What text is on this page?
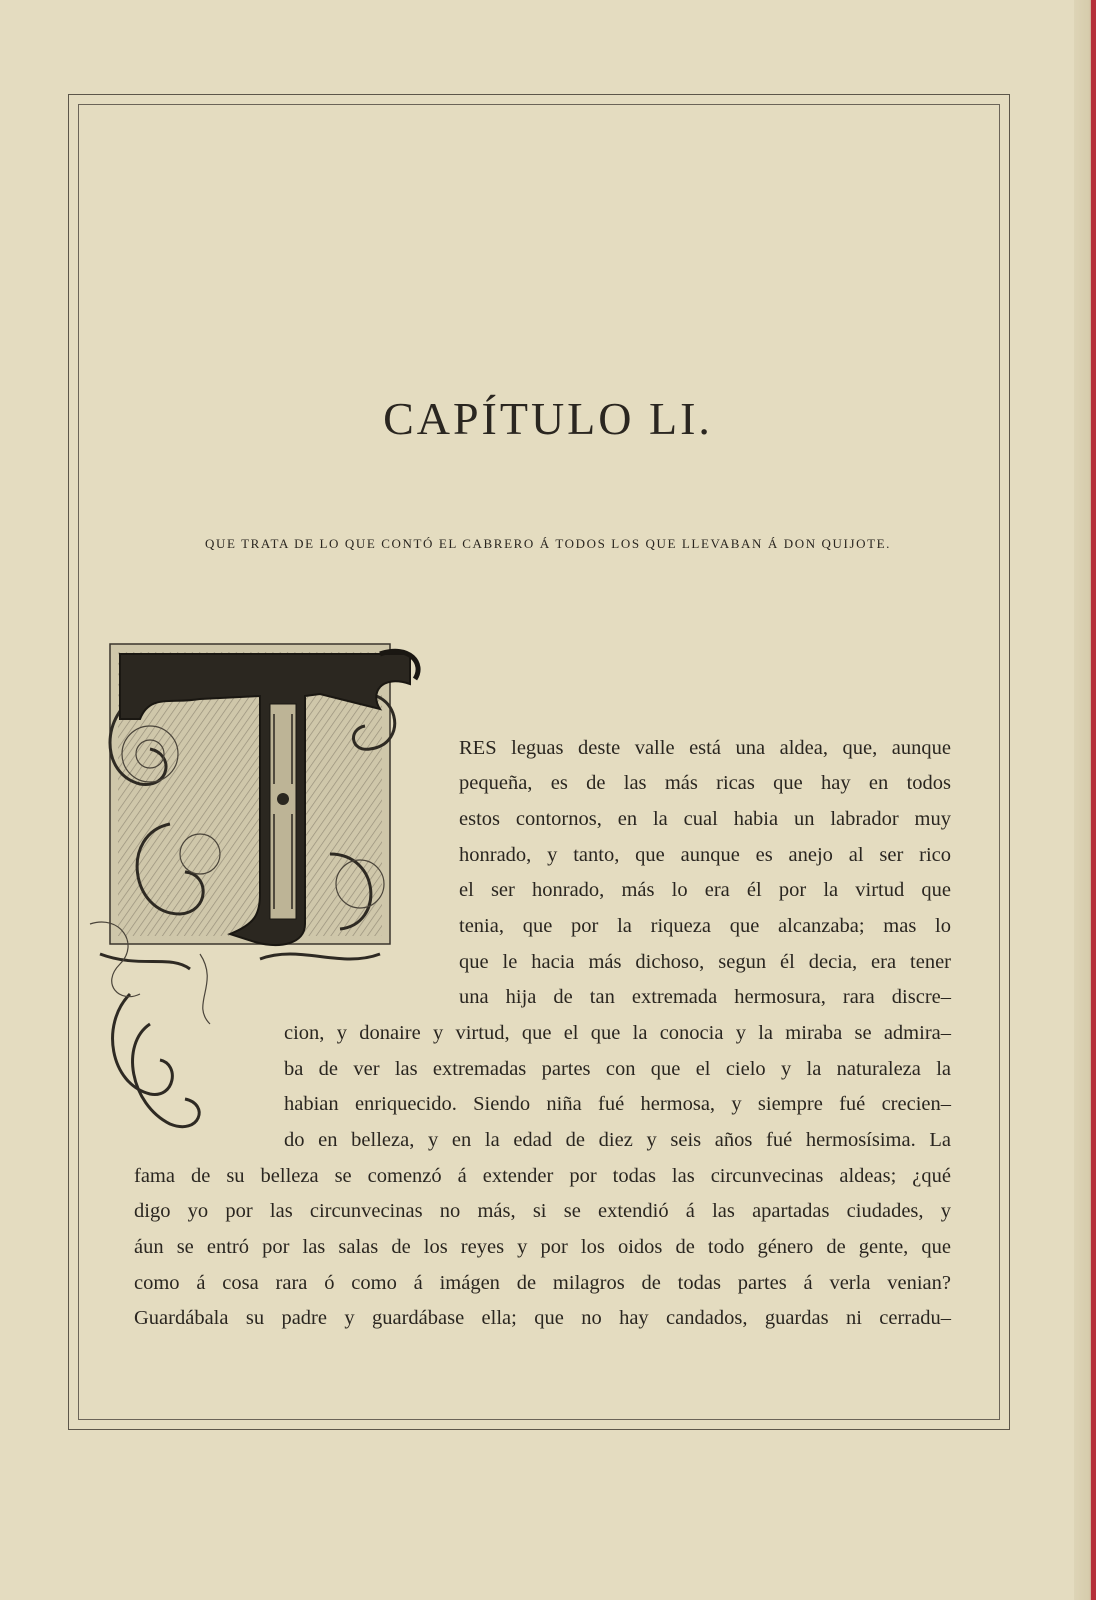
CAPÍTULO LI.

QUE TRATA DE LO QUE CONTÓ EL CABRERO Á TODOS LOS QUE LLEVABAN Á DON QUIJOTE.

RES leguas deste valle está una aldea, que, aunque
pequeña, es de las más ricas que hay en todos
estos contornos, en la cual habia un labrador muy
honrado, y tanto, que aunque es anejo al ser rico
el ser honrado, más lo era él por la virtud que
tenia, que por la riqueza que alcanzaba; mas lo
que le hacia más dichoso, segun él decia, era tener
una hija de tan extremada hermosura, rara discre–
cion, y donaire y virtud, que el que la conocia y la miraba se admira–
ba de ver las extremadas partes con que el cielo y la naturaleza la
habian enriquecido. Siendo niña fué hermosa, y siempre fué crecien–
do en belleza, y en la edad de diez y seis años fué hermosísima. La
fama de su belleza se comenzó á extender por todas las circunvecinas aldeas; ¿qué
digo yo por las circunvecinas no más, si se extendió á las apartadas ciudades, y
áun se entró por las salas de los reyes y por los oidos de todo género de gente, que
como á cosa rara ó como á imágen de milagros de todas partes á verla venian?
Guardábala su padre y guardábase ella; que no hay candados, guardas ni cerradu–
